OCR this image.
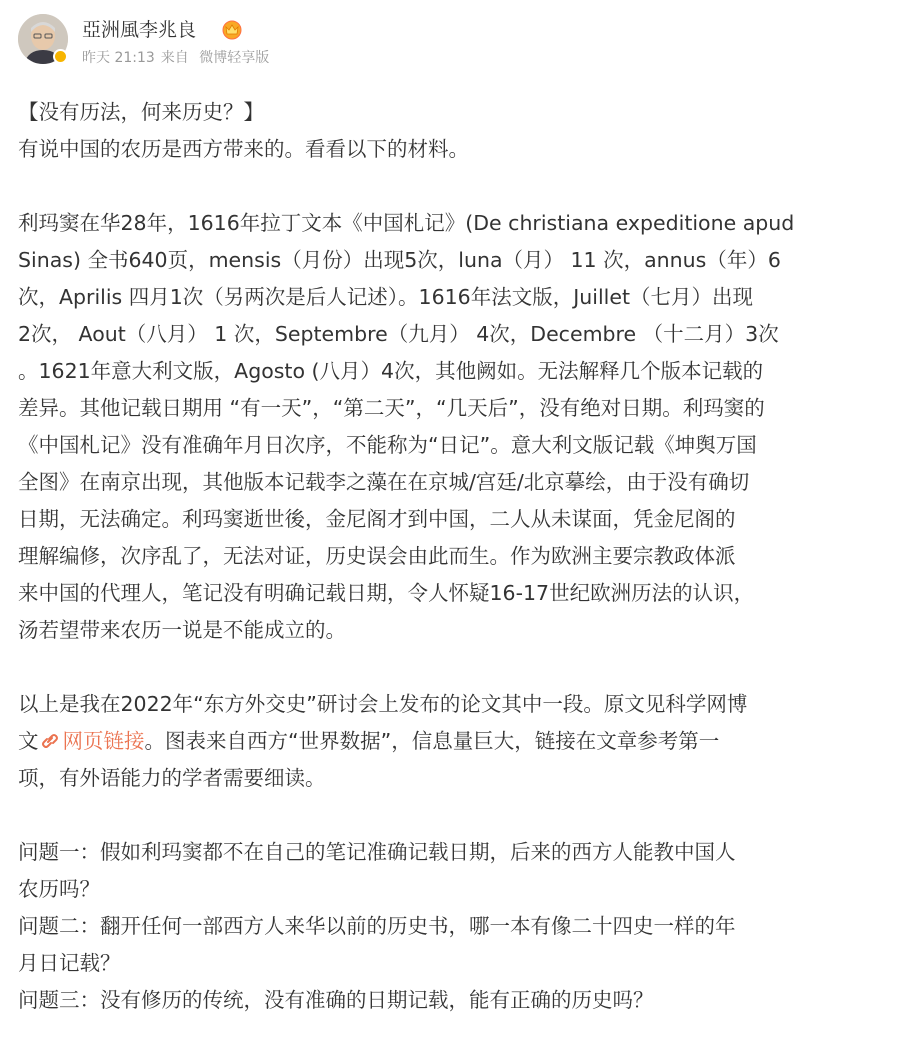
亞洲風李兆良
昨天 21:13 来自 微博轻享版
【没有历法，何来历史？】
有说中国的农历是西方带来的。看看以下的材料。
利玛窦在华28年，1616年拉丁文本《中国札记》(De christiana expeditione apud
Sinas) 全书640页，mensis（月份）出现5次，luna（月） 11 次，annus（年）6
次，Aprilis 四月1次（另两次是后人记述）。1616年法文版，Juillet（七月）出现
2次， Aout（八月） 1 次，Septembre（九月） 4次，Decembre （十二月）3次
。1621年意大利文版，Agosto (八月）4次，其他阙如。无法解释几个版本记载的
差异。其他记载日期用 “有一天”，“第二天”，“几天后”，没有绝对日期。利玛窦的
《中国札记》没有准确年月日次序，不能称为“日记”。意大利文版记载《坤舆万国
全图》在南京出现，其他版本记载李之藻在在京城/宫廷/北京摹绘，由于没有确切
日期，无法确定。利玛窦逝世後，金尼阁才到中国，二人从未谋面，凭金尼阁的
理解编修，次序乱了，无法对证，历史误会由此而生。作为欧洲主要宗教政体派
来中国的代理人，笔记没有明确记载日期，令人怀疑16-17世纪欧洲历法的认识，
汤若望带来农历一说是不能成立的。
以上是我在2022年“东方外交史”研讨会上发布的论文其中一段。原文见科学网博
文 网页链接。图表来自西方“世界数据”，信息量巨大，链接在文章参考第一
项，有外语能力的学者需要细读。
问题一：假如利玛窦都不在自己的笔记准确记载日期，后来的西方人能教中国人
农历吗？
问题二：翻开任何一部西方人来华以前的历史书，哪一本有像二十四史一样的年
月日记载？
问题三：没有修历的传统，没有准确的日期记载，能有正确的历史吗？
